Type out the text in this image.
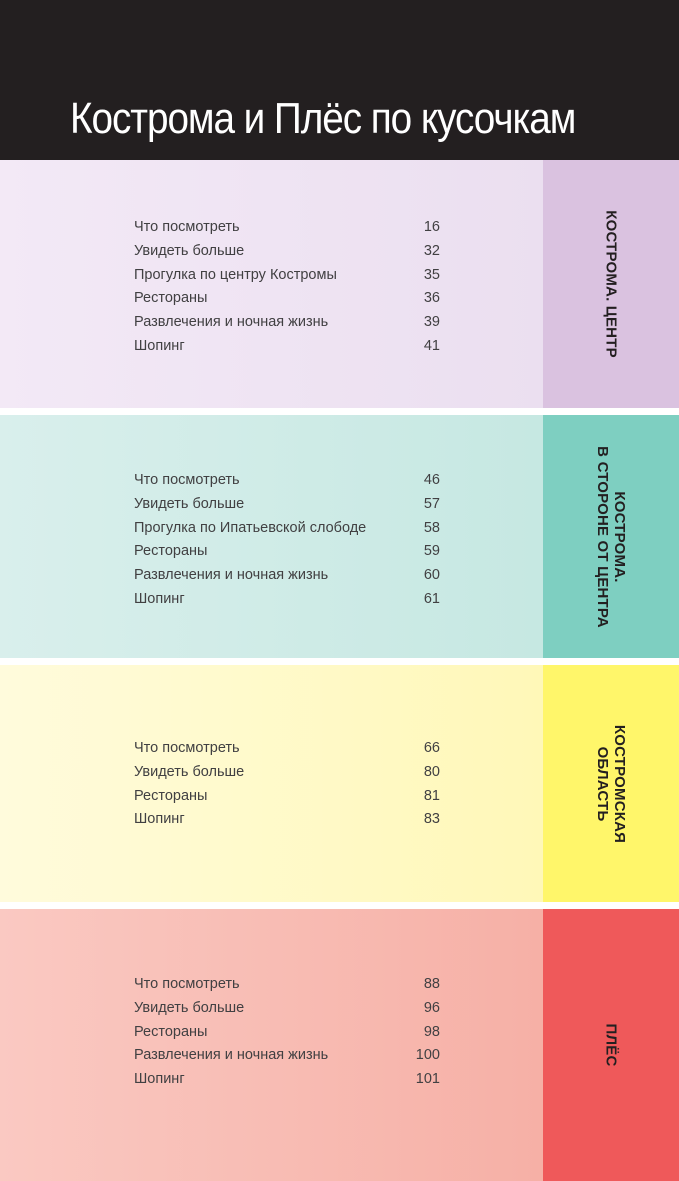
Кострома и Плёс по кусочкам
Что посмотреть	16
Увидеть больше	32
Прогулка по центру Костромы	35
Рестораны	36
Развлечения и ночная жизнь	39
Шопинг	41	КОСТРОМА. ЦЕНТР
Что посмотреть	46
Увидеть больше	57
Прогулка по Ипатьевской слободе	58
Рестораны	59
Развлечения и ночная жизнь	60
Шопинг	61
КОСТРОМА.
В СТОРОНЕ ОТ ЦЕНТРА
Что посмотреть	66
Увидеть больше	80
Рестораны	81
Шопинг	83	КОСТРОМСКАЯ
ОБЛАСТЬ
Что посмотреть	88
Увидеть больше	96
Рестораны	98
Развлечения и ночная жизнь	100
Шопинг	101
ПЛЁС
